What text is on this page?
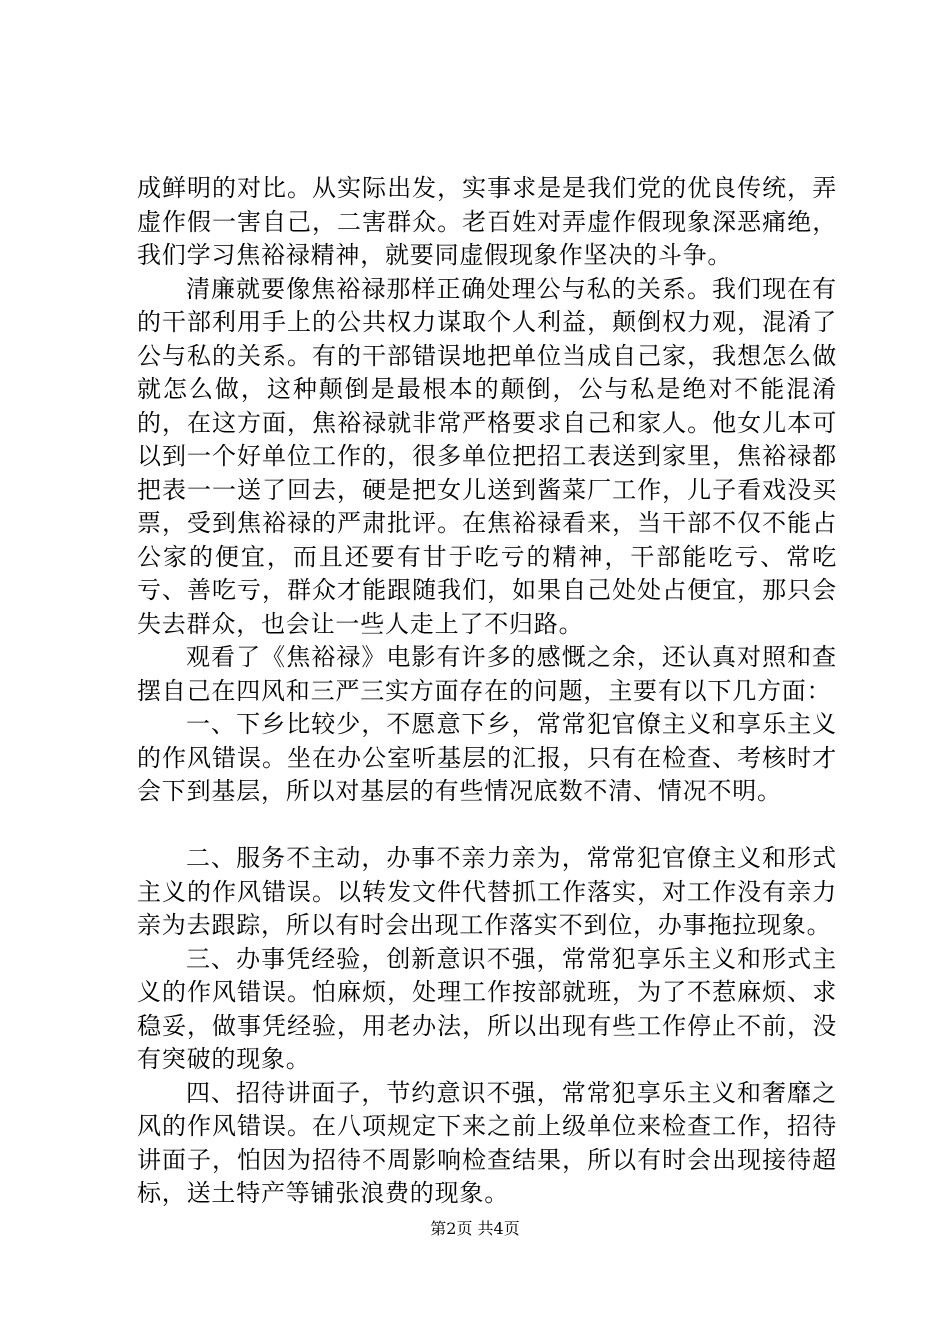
成鲜明的对比。从实际出发，实事求是是我们党的优良传统，弄虚作假一害自己，二害群众。老百姓对弄虚作假现象深恶痛绝，我们学习焦裕禄精神，就要同虚假现象作坚决的斗争。

清廉就要像焦裕禄那样正确处理公与私的关系。我们现在有的干部利用手上的公共权力谋取个人利益，颠倒权力观，混淆了公与私的关系。有的干部错误地把单位当成自己家，我想怎么做就怎么做，这种颠倒是最根本的颠倒，公与私是绝对不能混淆的，在这方面，焦裕禄就非常严格要求自己和家人。他女儿本可以到一个好单位工作的，很多单位把招工表送到家里，焦裕禄都把表一一送了回去，硬是把女儿送到酱菜厂工作，儿子看戏没买票，受到焦裕禄的严肃批评。在焦裕禄看来，当干部不仅不能占公家的便宜，而且还要有甘于吃亏的精神，干部能吃亏、常吃亏、善吃亏，群众才能跟随我们，如果自己处处占便宜，那只会失去群众，也会让一些人走上了不归路。

观看了《焦裕禄》电影有许多的感慨之余，还认真对照和查摆自己在四风和三严三实方面存在的问题，主要有以下几方面：

一、下乡比较少，不愿意下乡，常常犯官僚主义和享乐主义的作风错误。坐在办公室听基层的汇报，只有在检查、考核时才会下到基层，所以对基层的有些情况底数不清、情况不明。

二、服务不主动，办事不亲力亲为，常常犯官僚主义和形式主义的作风错误。以转发文件代替抓工作落实，对工作没有亲力亲为去跟踪，所以有时会出现工作落实不到位，办事拖拉现象。

三、办事凭经验，创新意识不强，常常犯享乐主义和形式主义的作风错误。怕麻烦，处理工作按部就班，为了不惹麻烦、求稳妥，做事凭经验，用老办法，所以出现有些工作停止不前，没有突破的现象。

四、招待讲面子，节约意识不强，常常犯享乐主义和奢靡之风的作风错误。在八项规定下来之前上级单位来检查工作，招待讲面子，怕因为招待不周影响检查结果，所以有时会出现接待超标，送土特产等铺张浪费的现象。

第2页 共4页
